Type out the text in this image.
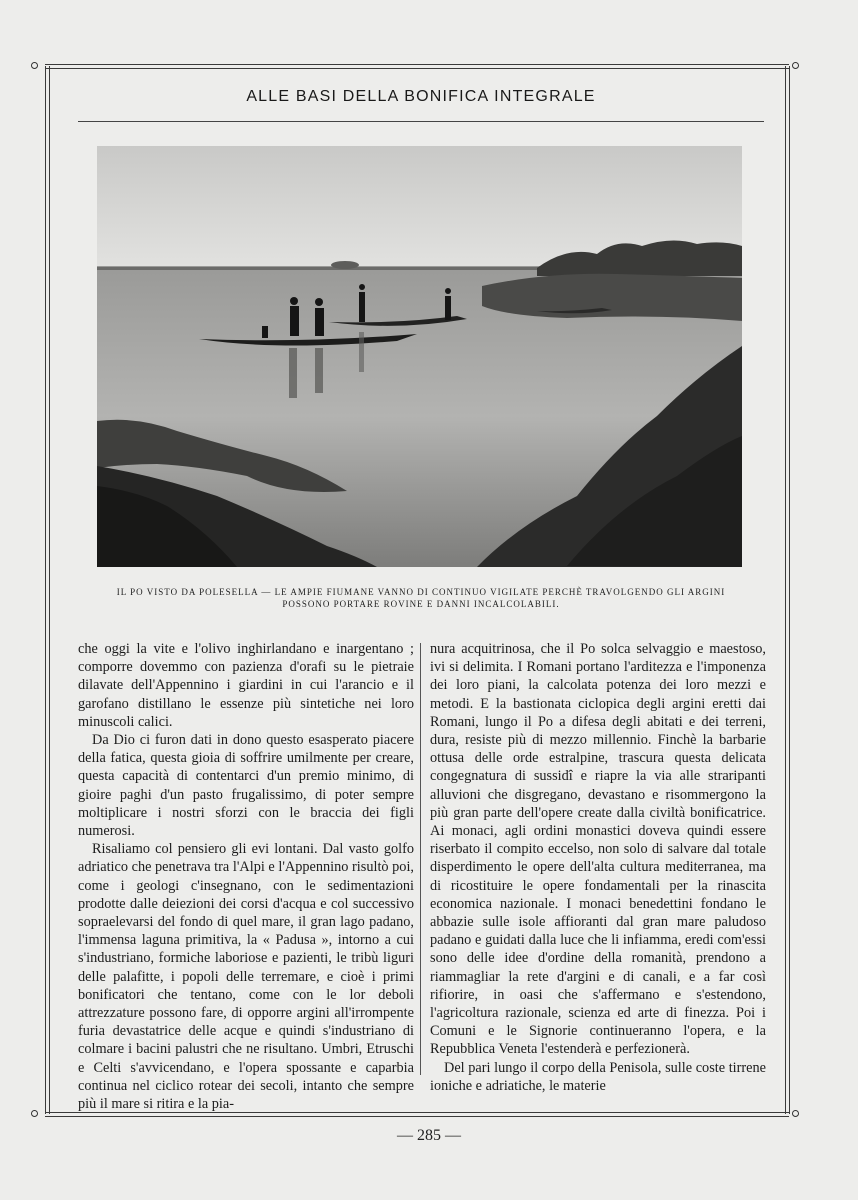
ALLE BASI DELLA BONIFICA INTEGRALE
IL PO VISTO DA POLESELLA — LE AMPIE FIUMANE VANNO DI CONTINUO VIGILATE PERCHÈ TRAVOLGENDO GLI ARGINI
POSSONO PORTARE ROVINE E DANNI INCALCOLABILI.

che oggi la vite e l'olivo inghirlandano e inargentano ; comporre dovemmo con pazienza d'orafi su le pietraie dilavate dell'Appennino i giardini in cui l'arancio e il garofano distillano le essenze più sintetiche nei loro minuscoli calici.

Da Dio ci furon dati in dono questo esasperato piacere della fatica, questa gioia di soffrire umilmente per creare, questa capacità di contentarci d'un premio minimo, di gioire paghi d'un pasto frugalissimo, di poter sempre moltiplicare i nostri sforzi con le braccia dei figli numerosi.

Risaliamo col pensiero gli evi lontani. Dal vasto golfo adriatico che penetrava tra l'Alpi e l'Appennino risultò poi, come i geologi c'insegnano, con le sedimentazioni prodotte dalle deiezioni dei corsi d'acqua e col successivo sopraelevarsi del fondo di quel mare, il gran lago padano, l'immensa laguna primitiva, la « Padusa », intorno a cui s'industriano, formiche laboriose e pazienti, le tribù liguri delle palafitte, i popoli delle terremare, e cioè i primi bonificatori che tentano, come con le lor deboli attrezzature possono fare, di opporre argini all'irrompente furia devastatrice delle acque e quindi s'industriano di colmare i bacini palustri che ne risultano. Umbri, Etruschi e Celti s'avvicendano, e l'opera spossante e caparbia continua nel ciclico rotear dei secoli, intanto che sempre più il mare si ritira e la pia-

nura acquitrinosa, che il Po solca selvaggio e maestoso, ivi si delimita. I Romani portano l'arditezza e l'imponenza dei loro piani, la calcolata potenza dei loro mezzi e metodi. E la bastionata ciclopica degli argini eretti dai Romani, lungo il Po a difesa degli abitati e dei terreni, dura, resiste più di mezzo millennio. Finchè la barbarie ottusa delle orde estralpine, trascura questa delicata congegnatura di sussidî e riapre la via alle straripanti alluvioni che disgregano, devastano e risommergono la più gran parte dell'opere create dalla civiltà bonificatrice. Ai monaci, agli ordini monastici doveva quindi essere riserbato il compito eccelso, non solo di salvare dal totale disperdimento le opere dell'alta cultura mediterranea, ma di ricostituire le opere fondamentali per la rinascita economica nazionale. I monaci benedettini fondano le abbazie sulle isole affioranti dal gran mare paludoso padano e guidati dalla luce che li infiamma, eredi com'essi sono delle idee d'ordine della romanità, prendono a riammagliar la rete d'argini e di canali, e a far così rifiorire, in oasi che s'affermano e s'estendono, l'agricoltura razionale, scienza ed arte di finezza. Poi i Comuni e le Signorie continueranno l'opera, e la Repubblica Veneta l'estenderà e perfezionerà.

Del pari lungo il corpo della Penisola, sulle coste tirrene ioniche e adriatiche, le materie

— 285 —
